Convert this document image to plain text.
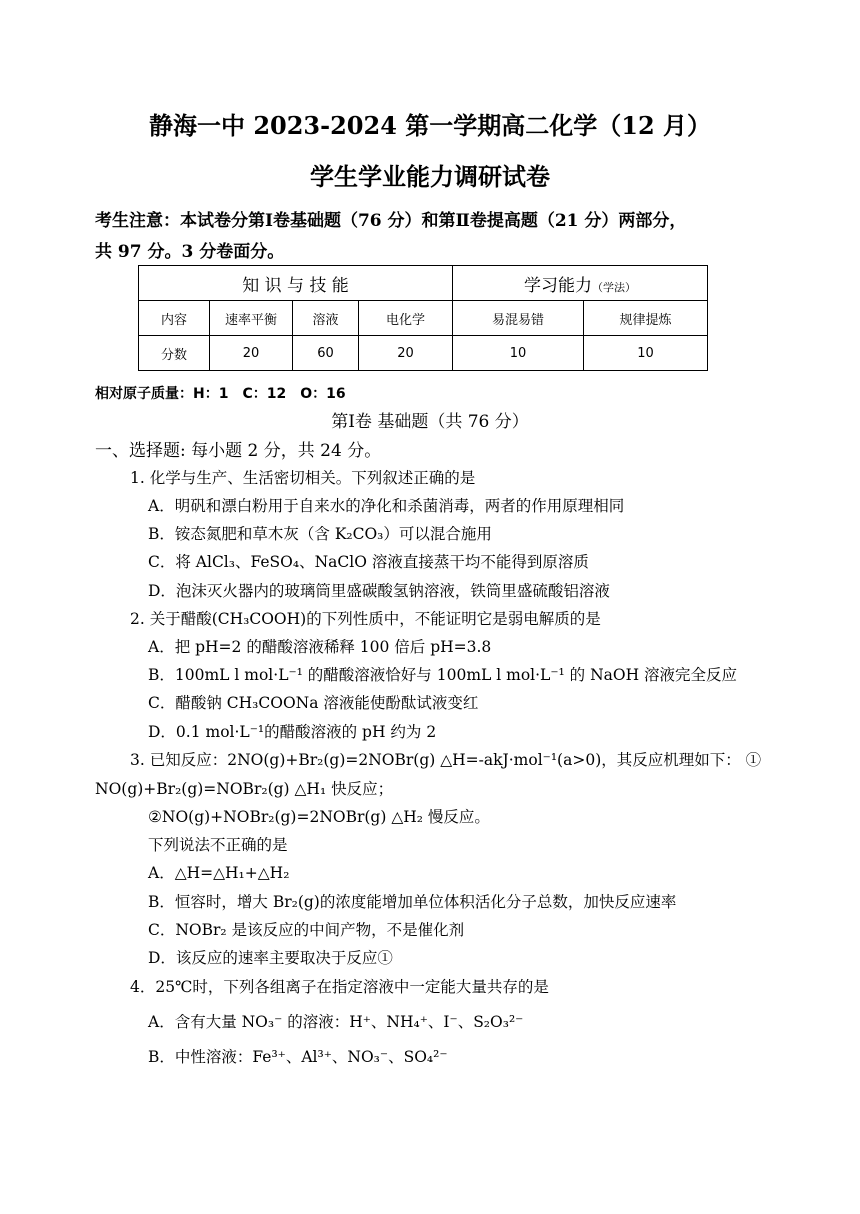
静海一中 2023-2024 第一学期高二化学（12 月）
学生学业能力调研试卷
考生注意：本试卷分第Ⅰ卷基础题（76 分）和第Ⅱ卷提高题（21 分）两部分，
共 97 分。3 分卷面分。
知 识 与 技 能				学习能力（学法）	
内容	速率平衡	溶液	电化学	易混易错	规律提炼
分数	20	60	20	10	10
相对原子质量：H：1　C：12　O：16
第Ⅰ卷 基础题（共 76 分）
一、选择题: 每小题 2 分，共 24 分。
1. 化学与生产、生活密切相关。下列叙述正确的是
A．明矾和漂白粉用于自来水的净化和杀菌消毒，两者的作用原理相同
B．铵态氮肥和草木灰（含 K₂CO₃）可以混合施用
C．将 AlCl₃、FeSO₄、NaClO 溶液直接蒸干均不能得到原溶质
D．泡沫灭火器内的玻璃筒里盛碳酸氢钠溶液，铁筒里盛硫酸铝溶液
2. 关于醋酸(CH₃COOH)的下列性质中，不能证明它是弱电解质的是
A．把 pH=2 的醋酸溶液稀释 100 倍后 pH=3.8
B．100mL l mol·L⁻¹ 的醋酸溶液恰好与 100mL l mol·L⁻¹ 的 NaOH 溶液完全反应
C．醋酸钠 CH₃COONa 溶液能使酚酞试液变红
D．0.1 mol·L⁻¹的醋酸溶液的 pH 约为 2
3. 已知反应：2NO(g)+Br₂(g)=2NOBr(g) △H=-akJ·mol⁻¹(a>0)，其反应机理如下： ①
NO(g)+Br₂(g)=NOBr₂(g) △H₁ 快反应；
②NO(g)+NOBr₂(g)=2NOBr(g) △H₂ 慢反应。
下列说法不正确的是
A．△H=△H₁+△H₂
B．恒容时，增大 Br₂(g)的浓度能增加单位体积活化分子总数，加快反应速率
C．NOBr₂ 是该反应的中间产物，不是催化剂
D．该反应的速率主要取决于反应①
4．25℃时，下列各组离子在指定溶液中一定能大量共存的是
A．含有大量 NO₃⁻ 的溶液：H⁺、NH₄⁺、I⁻、S₂O₃²⁻
B．中性溶液：Fe³⁺、Al³⁺、NO₃⁻、SO₄²⁻
